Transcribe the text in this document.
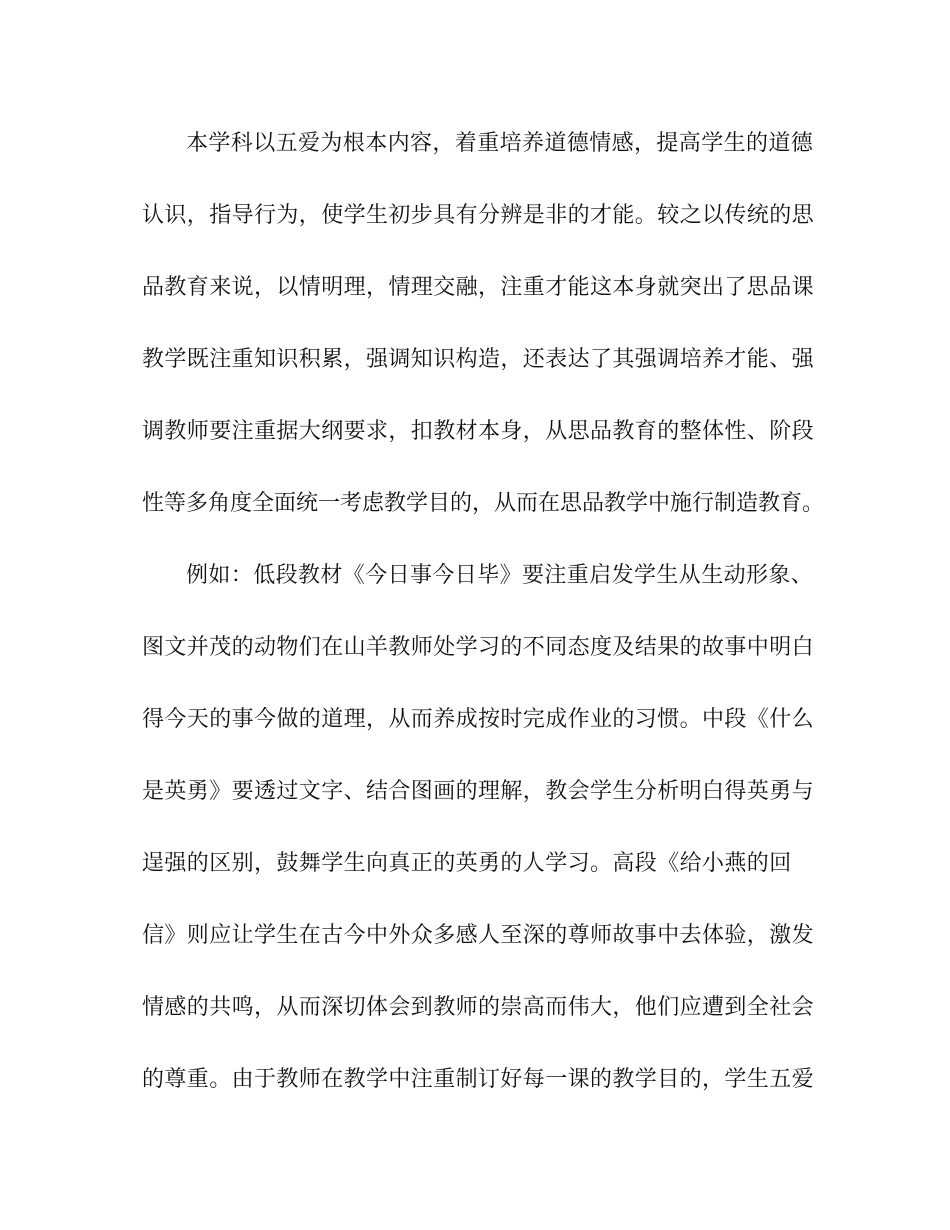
本学科以五爱为根本内容，着重培养道德情感，提高学生的道德
认识，指导行为，使学生初步具有分辨是非的才能。较之以传统的思
品教育来说，以情明理，情理交融，注重才能这本身就突出了思品课
教学既注重知识积累，强调知识构造，还表达了其强调培养才能、强
调教师要注重据大纲要求，扣教材本身，从思品教育的整体性、阶段
性等多角度全面统一考虑教学目的，从而在思品教学中施行制造教育。
例如：低段教材《今日事今日毕》要注重启发学生从生动形象、
图文并茂的动物们在山羊教师处学习的不同态度及结果的故事中明白
得今天的事今做的道理，从而养成按时完成作业的习惯。中段《什么
是英勇》要透过文字、结合图画的理解，教会学生分析明白得英勇与
逞强的区别，鼓舞学生向真正的英勇的人学习。高段《给小燕的回
信》则应让学生在古今中外众多感人至深的尊师故事中去体验，激发
情感的共鸣，从而深切体会到教师的崇高而伟大，他们应遭到全社会
的尊重。由于教师在教学中注重制订好每一课的教学目的，学生五爱
